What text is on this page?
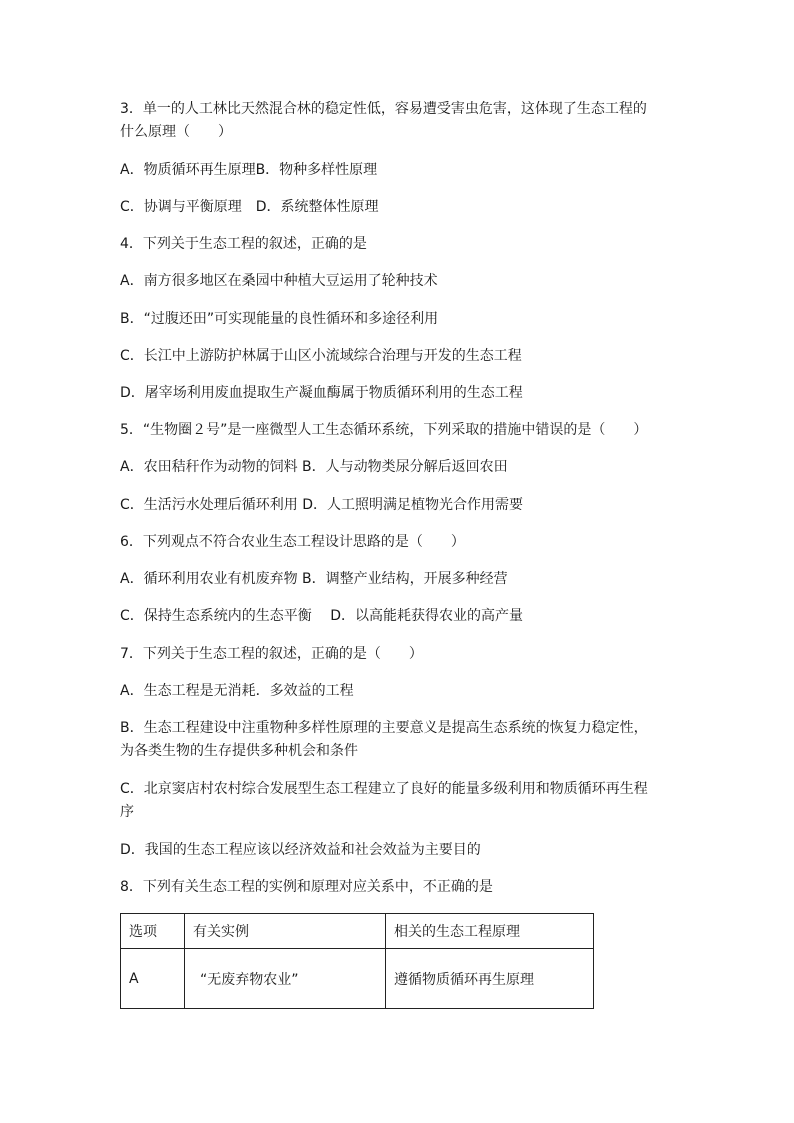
3．单一的人工林比天然混合林的稳定性低，容易遭受害虫危害，这体现了生态工程的
什么原理（　　）
A．物质循环再生原理B．物种多样性原理
C．协调与平衡原理　D．系统整体性原理
4．下列关于生态工程的叙述，正确的是
A．南方很多地区在桑园中种植大豆运用了轮种技术
B．“过腹还田”可实现能量的良性循环和多途径利用
C．长江中上游防护林属于山区小流域综合治理与开发的生态工程
D．屠宰场利用废血提取生产凝血酶属于物质循环利用的生态工程
5．“生物圈２号”是一座微型人工生态循环系统，下列采取的措施中错误的是（　　）
A．农田秸秆作为动物的饲料 B．人与动物类尿分解后返回农田
C．生活污水处理后循环利用 D．人工照明满足植物光合作用需要
6．下列观点不符合农业生态工程设计思路的是（　　）
A．循环利用农业有机废弃物 B．调整产业结构，开展多种经营
C．保持生态系统内的生态平衡　 D．以高能耗获得农业的高产量
7．下列关于生态工程的叙述，正确的是（　　）
A．生态工程是无消耗．多效益的工程
B．生态工程建设中注重物种多样性原理的主要意义是提高生态系统的恢复力稳定性，
为各类生物的生存提供多种机会和条件
C．北京窦店村农村综合发展型生态工程建立了良好的能量多级利用和物质循环再生程
序
D．我国的生态工程应该以经济效益和社会效益为主要目的
8．下列有关生态工程的实例和原理对应关系中，不正确的是
选项	有关实例	相关的生态工程原理
A	“无废弃物农业”	遵循物质循环再生原理
